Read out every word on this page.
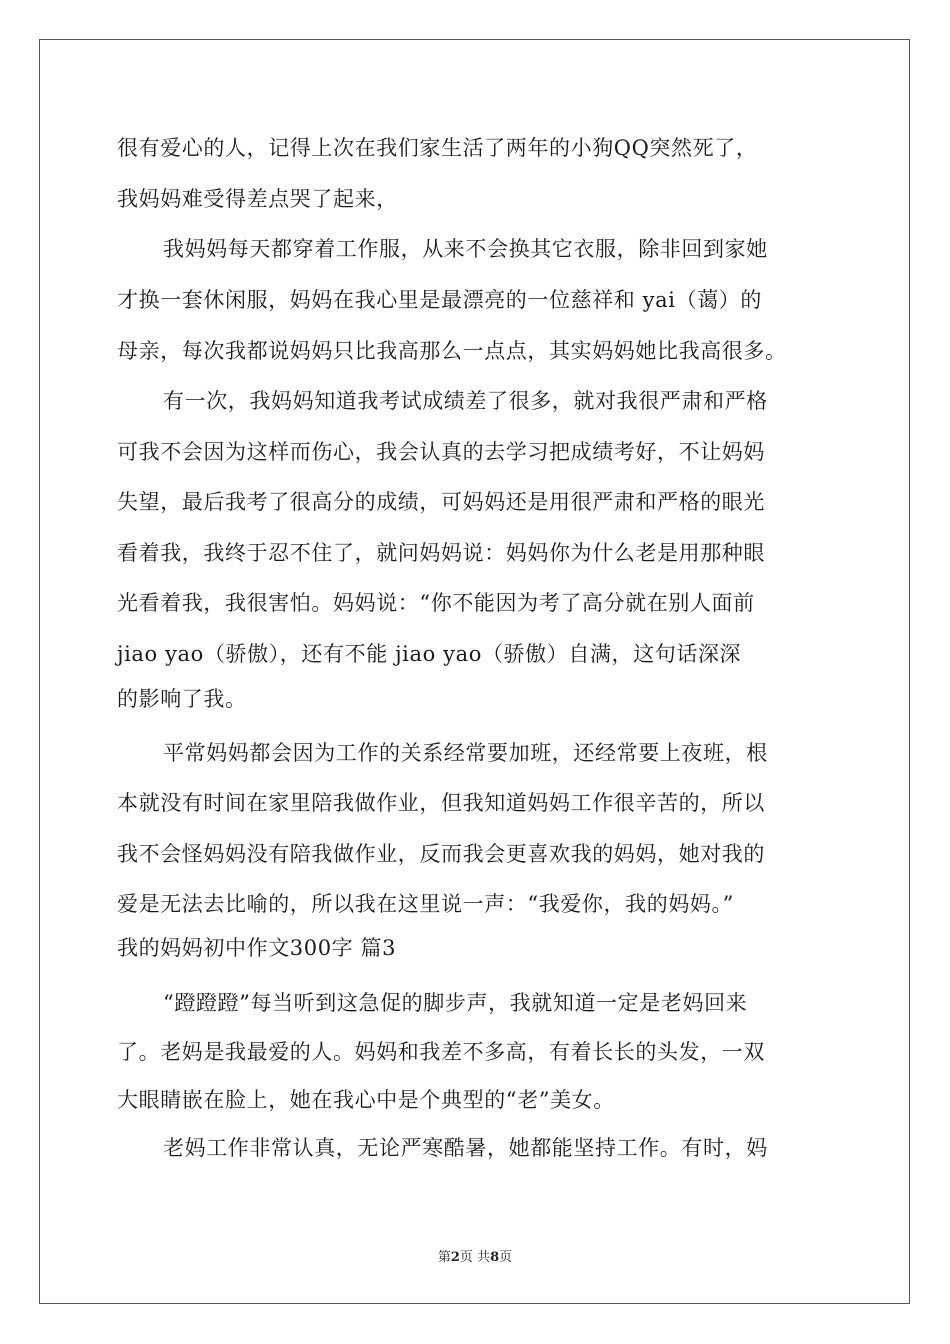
很有爱心的人，记得上次在我们家生活了两年的小狗QQ突然死了，
我妈妈难受得差点哭了起来，
我妈妈每天都穿着工作服，从来不会换其它衣服，除非回到家她
才换一套休闲服，妈妈在我心里是最漂亮的一位慈祥和 yai（蔼）的
母亲，每次我都说妈妈只比我高那么一点点，其实妈妈她比我高很多。
有一次，我妈妈知道我考试成绩差了很多，就对我很严肃和严格
可我不会因为这样而伤心，我会认真的去学习把成绩考好，不让妈妈
失望，最后我考了很高分的成绩，可妈妈还是用很严肃和严格的眼光
看着我，我终于忍不住了，就问妈妈说：妈妈你为什么老是用那种眼
光看着我，我很害怕。妈妈说：“你不能因为考了高分就在别人面前
jiao yao（骄傲），还有不能 jiao yao（骄傲）自满，这句话深深
的影响了我。
平常妈妈都会因为工作的关系经常要加班，还经常要上夜班，根
本就没有时间在家里陪我做作业，但我知道妈妈工作很辛苦的，所以
我不会怪妈妈没有陪我做作业，反而我会更喜欢我的妈妈，她对我的
爱是无法去比喻的，所以我在这里说一声：“我爱你，我的妈妈。”
我的妈妈初中作文300字 篇3
“蹬蹬蹬”每当听到这急促的脚步声，我就知道一定是老妈回来
了。老妈是我最爱的人。妈妈和我差不多高，有着长长的头发，一双
大眼睛嵌在脸上，她在我心中是个典型的“老”美女。
老妈工作非常认真，无论严寒酷暑，她都能坚持工作。有时，妈
第2页 共8页
